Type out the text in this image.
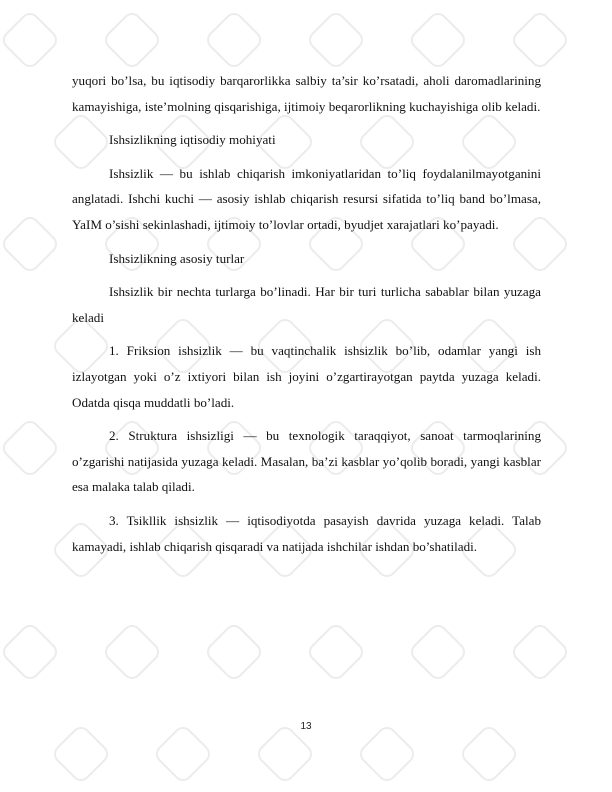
yuqori bo’lsa, bu iqtisodiy barqarorlikka salbiy ta’sir ko’rsatadi, aholi daromadlarining kamayishiga, iste’molning qisqarishiga, ijtimoiy beqarorlikning kuchayishiga olib keladi.

Ishsizlikning iqtisodiy mohiyati

Ishsizlik — bu ishlab chiqarish imkoniyatlaridan to’liq foydalanilmayotganini anglatadi. Ishchi kuchi — asosiy ishlab chiqarish resursi sifatida to’liq band bo’lmasa, YaIM o’sishi sekinlashadi, ijtimoiy to’lovlar ortadi, byudjet xarajatlari ko’payadi.

Ishsizlikning asosiy turlar

Ishsizlik bir nechta turlarga bo’linadi. Har bir turi turlicha sabablar bilan yuzaga keladi

1. Friksion ishsizlik — bu vaqtinchalik ishsizlik bo’lib, odamlar yangi ish izlayotgan yoki o’z ixtiyori bilan ish joyini o’zgartirayotgan paytda yuzaga keladi. Odatda qisqa muddatli bo’ladi.

2. Struktura ishsizligi — bu texnologik taraqqiyot, sanoat tarmoqlarining o’zgarishi natijasida yuzaga keladi. Masalan, ba’zi kasblar yo’qolib boradi, yangi kasblar esa malaka talab qiladi.

3. Tsikllik ishsizlik — iqtisodiyotda pasayish davrida yuzaga keladi. Talab kamayadi, ishlab chiqarish qisqaradi va natijada ishchilar ishdan bo’shatiladi.

13
